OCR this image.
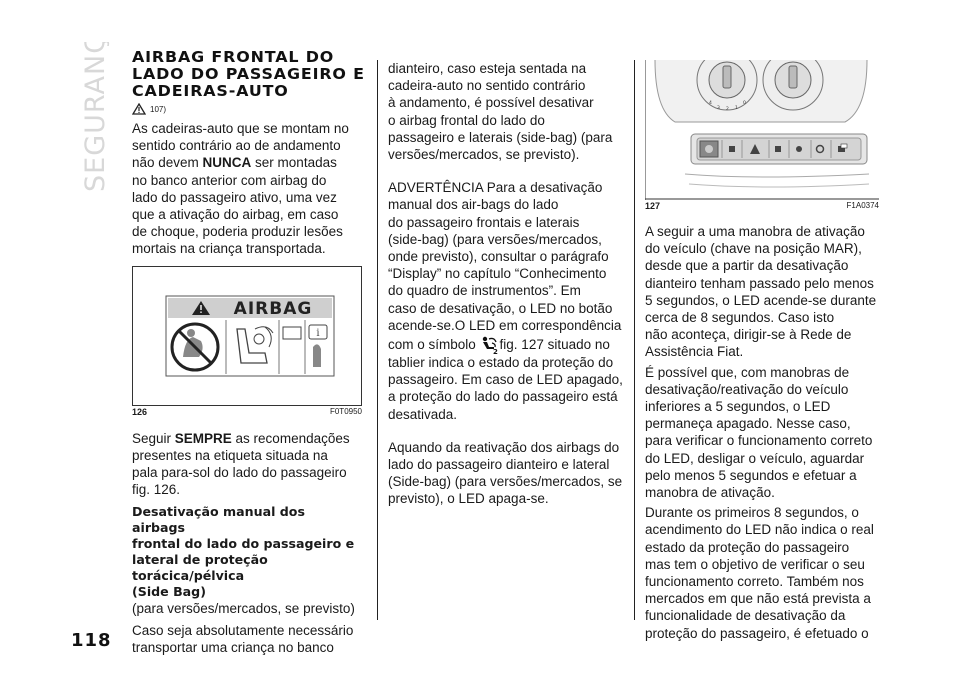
SEGURANÇA
118
AIRBAG FRONTAL DO
LADO DO PASSAGEIRO E
CADEIRAS-AUTO
107)

As cadeiras-auto que se montam no
sentido contrário ao de andamento
não devem NUNCA ser montadas
no banco anterior com airbag do
lado do passageiro ativo, uma vez
que a ativação do airbag, em caso
de choque, poderia produzir lesões
mortais na criança transportada.

AIRBAG
i
126	F0T0950

Seguir SEMPRE as recomendações
presentes na etiqueta situada na
pala para-sol do lado do passageiro
fig. 126.

Desativação manual dos airbags
frontal do lado do passageiro e
lateral de proteção torácica/pélvica
(Side Bag)

(para versões/mercados, se previsto)

Caso seja absolutamente necessário
transportar uma criança no banco

dianteiro, caso esteja sentada na
cadeira-auto no sentido contrário
à andamento, é possível desativar
o airbag frontal do lado do
passageiro e laterais (side-bag) (para
versões/mercados, se previsto).

ADVERTÊNCIA Para a desativação
manual dos air-bags do lado
do passageiro frontais e laterais
(side-bag) (para versões/mercados,
onde previsto), consultar o parágrafo
“Display” no capítulo “Conhecimento
do quadro de instrumentos”. Em
caso de desativação, o LED no botão
acende-se.O LED em correspondência
com o símbolo
2
fig. 127 situado no
tablier indica o estado da proteção do
passageiro. Em caso de LED apagado,
a proteção do lado do passageiro está
desativada.

Aquando da reativação dos airbags do
lado do passageiro dianteiro e lateral
(Side-bag) (para versões/mercados, se
previsto), o LED apaga-se.

4
3 2 1
0
127	F1A0374

A seguir a uma manobra de ativação
do veículo (chave na posição MAR),
desde que a partir da desativação
dianteiro tenham passado pelo menos
5 segundos, o LED acende-se durante
cerca de 8 segundos. Caso isto
não aconteça, dirigir-se à Rede de
Assistência Fiat.

É possível que, com manobras de
desativação/reativação do veículo
inferiores a 5 segundos, o LED
permaneça apagado. Nesse caso,
para verificar o funcionamento correto
do LED, desligar o veículo, aguardar
pelo menos 5 segundos e efetuar a
manobra de ativação.

Durante os primeiros 8 segundos, o
acendimento do LED não indica o real
estado da proteção do passageiro
mas tem o objetivo de verificar o seu
funcionamento correto. Também nos
mercados em que não está prevista a
funcionalidade de desativação da
proteção do passageiro, é efetuado o
